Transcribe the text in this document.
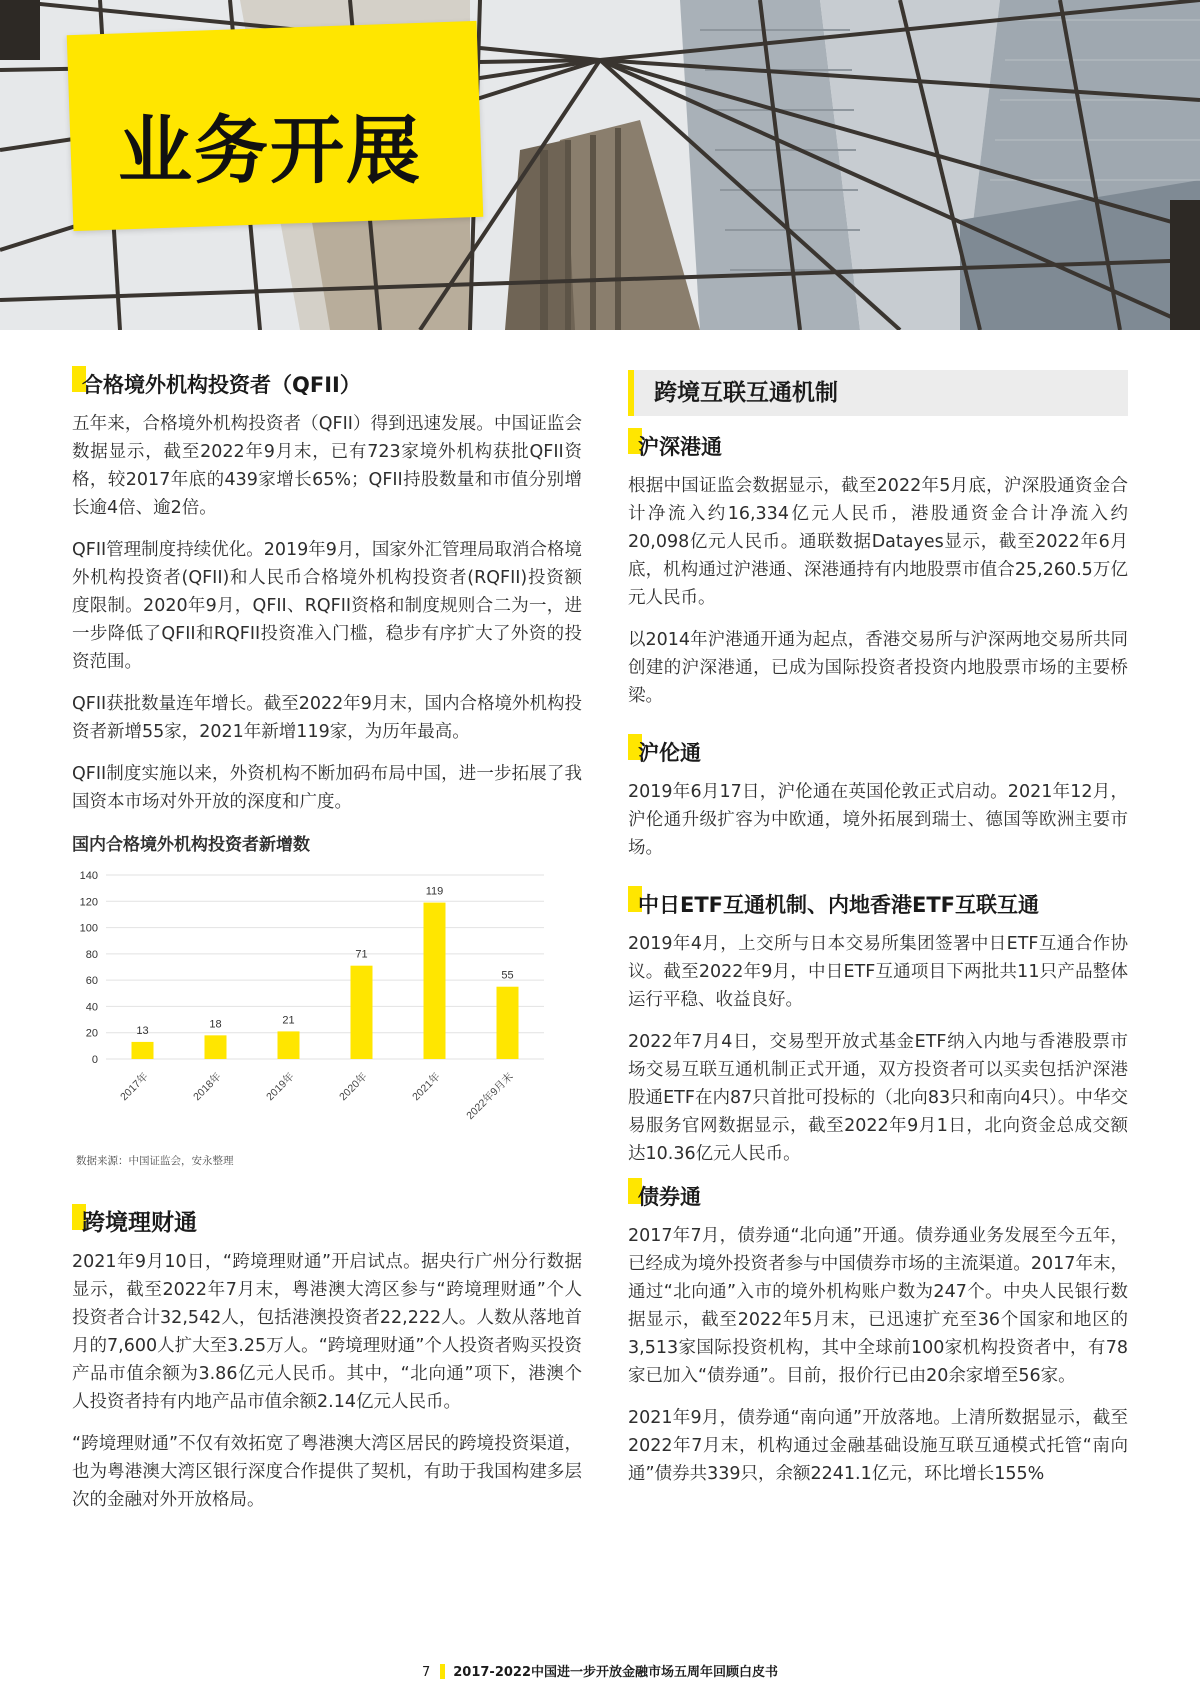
业务开展
合格境外机构投资者（QFII）

五年来，合格境外机构投资者（QFII）得到迅速发展。中国证监会数据显示，截至2022年9月末，已有723家境外机构获批QFII资格，较2017年底的439家增长65%；QFII持股数量和市值分别增长逾4倍、逾2倍。

QFII管理制度持续优化。2019年9月，国家外汇管理局取消合格境外机构投资者(QFII)和人民币合格境外机构投资者(RQFII)投资额度限制。2020年9月，QFII、RQFII资格和制度规则合二为一，进一步降低了QFII和RQFII投资准入门槛，稳步有序扩大了外资的投资范围。

QFII获批数量连年增长。截至2022年9月末，国内合格境外机构投资者新增55家，2021年新增119家，为历年最高。

QFII制度实施以来，外资机构不断加码布局中国，进一步拓展了我国资本市场对外开放的深度和广度。

国内合格境外机构投资者新增数
0
20
40
60
80
100
120
140
13
2017年
18
2018年
21
2019年
71
2020年
119
2021年
55
2022年9月末
数据来源：中国证监会，安永整理
跨境理财通

2021年9月10日，“跨境理财通”开启试点。据央行广州分行数据显示，截至2022年7月末，粤港澳大湾区参与“跨境理财通”个人投资者合计32,542人，包括港澳投资者22,222人。人数从落地首月的7,600人扩大至3.25万人。“跨境理财通”个人投资者购买投资产品市值余额为3.86亿元人民币。其中，“北向通”项下，港澳个人投资者持有内地产品市值余额2.14亿元人民币。

“跨境理财通”不仅有效拓宽了粤港澳大湾区居民的跨境投资渠道，也为粤港澳大湾区银行深度合作提供了契机，有助于我国构建多层次的金融对外开放格局。

跨境互联互通机制
沪深港通

根据中国证监会数据显示，截至2022年5月底，沪深股通资金合计净流入约16,334亿元人民币，港股通资金合计净流入约20,098亿元人民币。通联数据Datayes显示，截至2022年6月底，机构通过沪港通、深港通持有内地股票市值合25,260.5万亿元人民币。

以2014年沪港通开通为起点，香港交易所与沪深两地交易所共同创建的沪深港通，已成为国际投资者投资内地股票市场的主要桥梁。

沪伦通

2019年6月17日，沪伦通在英国伦敦正式启动。2021年12月，沪伦通升级扩容为中欧通，境外拓展到瑞士、德国等欧洲主要市场。

中日ETF互通机制、内地香港ETF互联互通

2019年4月，上交所与日本交易所集团签署中日ETF互通合作协议。截至2022年9月，中日ETF互通项目下两批共11只产品整体运行平稳、收益良好。

2022年7月4日，交易型开放式基金ETF纳入内地与香港股票市场交易互联互通机制正式开通，双方投资者可以买卖包括沪深港股通ETF在内87只首批可投标的（北向83只和南向4只）。中华交易服务官网数据显示，截至2022年9月1日，北向资金总成交额达10.36亿元人民币。

债券通

2017年7月，债券通“北向通”开通。债券通业务发展至今五年，已经成为境外投资者参与中国债券市场的主流渠道。2017年末，通过“北向通”入市的境外机构账户数为247个。中央人民银行数据显示，截至2022年5月末，已迅速扩充至36个国家和地区的3,513家国际投资机构，其中全球前100家机构投资者中，有78家已加入“债券通”。目前，报价行已由20余家增至56家。

2021年9月，债券通“南向通”开放落地。上清所数据显示，截至2022年7月末，机构通过金融基础设施互联互通模式托管“南向通”债券共339只，余额2241.1亿元，环比增长155%

7 2017-2022中国进一步开放金融市场五周年回顾白皮书
